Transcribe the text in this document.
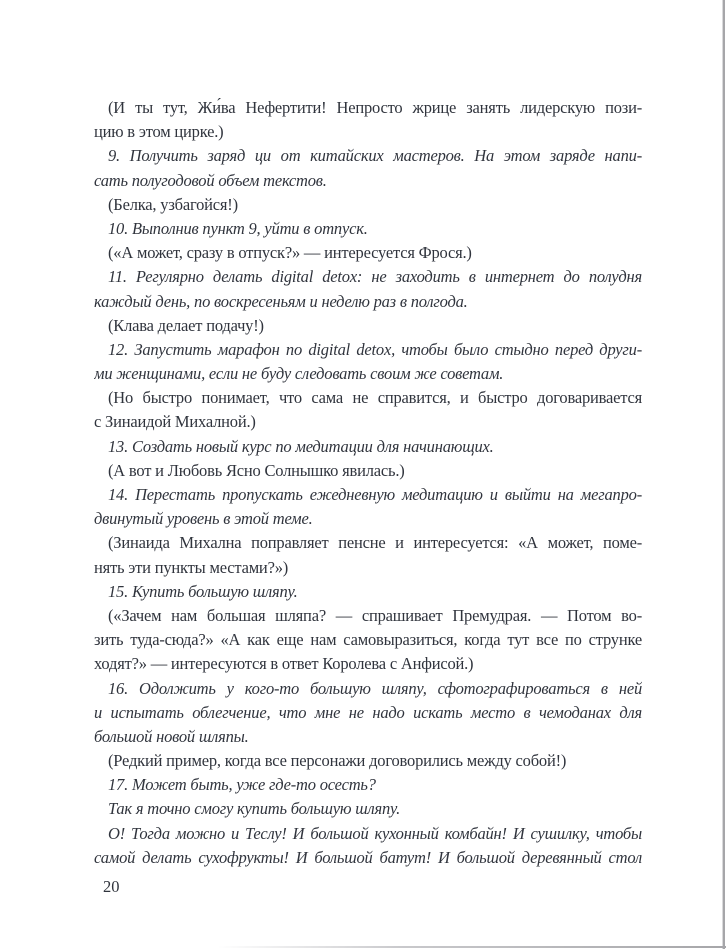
(И ты тут, Жи́ва Нефертити! Непросто жрице занять лидерскую пози-
цию в этом цирке.)
9. Получить заряд ци от китайских мастеров. На этом заряде напи-
сать полугодовой объем текстов.
(Белка, узбагойся!)
10. Выполнив пункт 9, уйти в отпуск.
(«А может, сразу в отпуск?» — интересуется Фрося.)
11. Регулярно делать digital detox: не заходить в интернет до полудня
каждый день, по воскресеньям и неделю раз в полгода.
(Клава делает подачу!)
12. Запустить марафон по digital detox, чтобы было стыдно перед други-
ми женщинами, если не буду следовать своим же советам.
(Но быстро понимает, что сама не справится, и быстро договаривается
с Зинаидой Михалной.)
13. Создать новый курс по медитации для начинающих.
(А вот и Любовь Ясно Солнышко явилась.)
14. Перестать пропускать ежедневную медитацию и выйти на мегапро-
двинутый уровень в этой теме.
(Зинаида Михална поправляет пенсне и интересуется: «А может, поме-
нять эти пункты местами?»)
15. Купить большую шляпу.
(«Зачем нам большая шляпа? — спрашивает Премудрая. — Потом во-
зить туда-сюда?» «А как еще нам самовыразиться, когда тут все по струнке
ходят?» — интересуются в ответ Королева с Анфисой.)
16. Одолжить у кого-то большую шляпу, сфотографироваться в ней
и испытать облегчение, что мне не надо искать место в чемоданах для
большой новой шляпы.
(Редкий пример, когда все персонажи договорились между собой!)
17. Может быть, уже где-то осесть?
Так я точно смогу купить большую шляпу.
О! Тогда можно и Теслу! И большой кухонный комбайн! И сушилку, чтобы
самой делать сухофрукты! И большой батут! И большой деревянный стол
20
